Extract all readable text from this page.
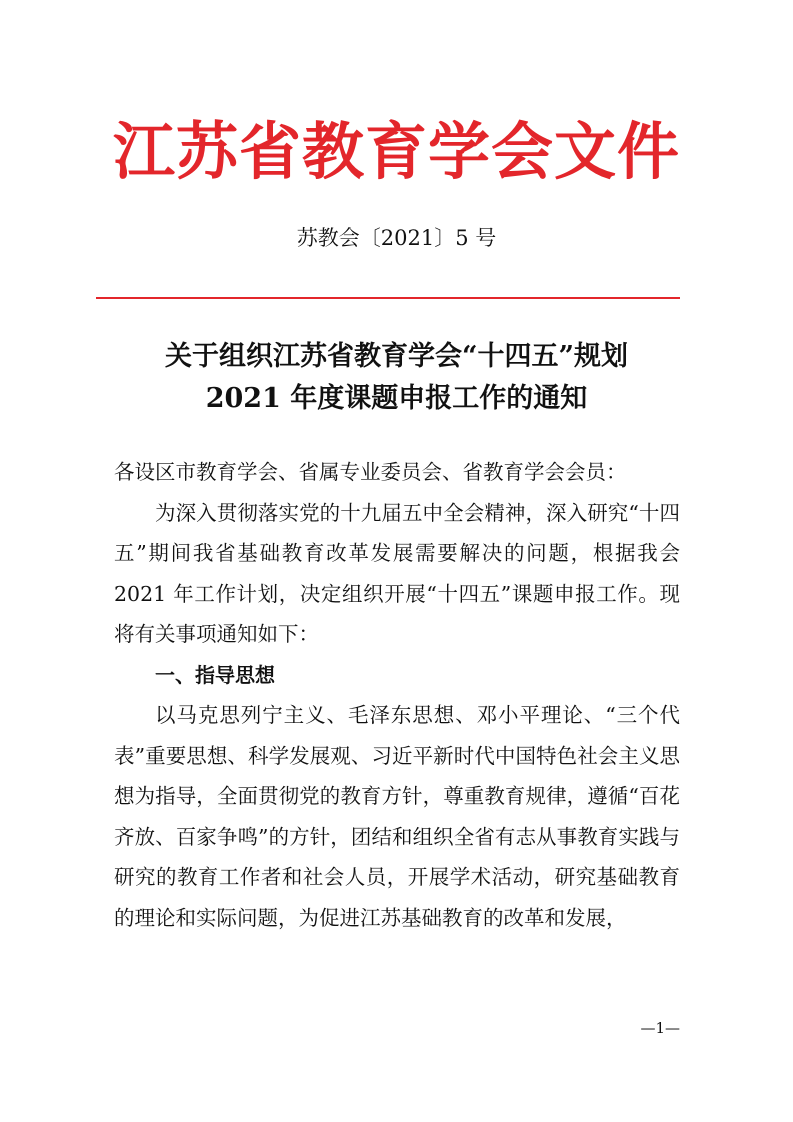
江苏省教育学会文件
苏教会〔2021〕5 号
关于组织江苏省教育学会“十四五”规划
2021 年度课题申报工作的通知

各设区市教育学会、省属专业委员会、省教育学会会员：

为深入贯彻落实党的十九届五中全会精神，深入研究“十四五”期间我省基础教育改革发展需要解决的问题，根据我会 2021 年工作计划，决定组织开展“十四五”课题申报工作。现将有关事项通知如下：

一、指导思想

以马克思列宁主义、毛泽东思想、邓小平理论、“三个代表”重要思想、科学发展观、习近平新时代中国特色社会主义思想为指导，全面贯彻党的教育方针，尊重教育规律，遵循“百花齐放、百家争鸣”的方针，团结和组织全省有志从事教育实践与研究的教育工作者和社会人员，开展学术活动，研究基础教育的理论和实际问题，为促进江苏基础教育的改革和发展，

—1—
